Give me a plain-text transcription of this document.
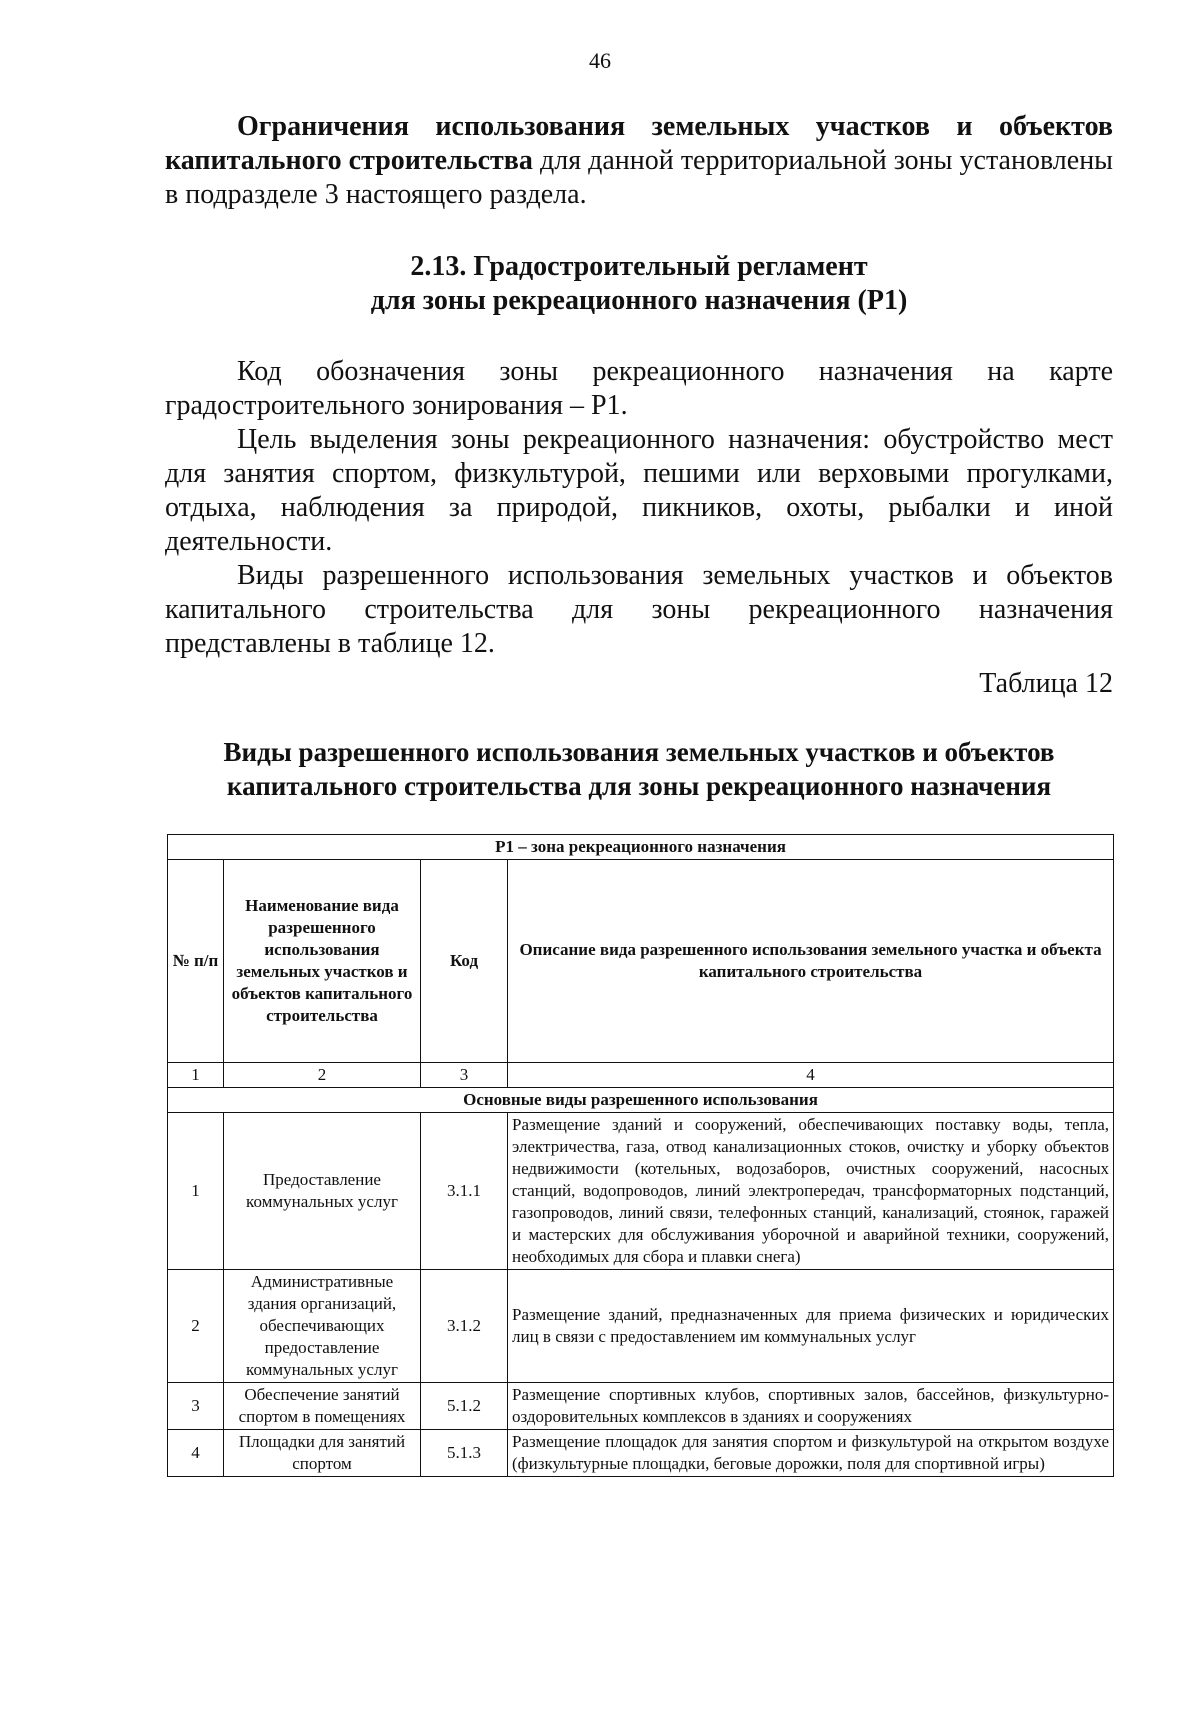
46

Ограничения использования земельных участков и объектов капитального строительства для данной территориальной зоны установлены в подразделе 3 настоящего раздела.

2.13. Градостроительный регламент

для зоны рекреационного назначения (Р1)

Код обозначения зоны рекреационного назначения на карте градостроительного зонирования – Р1.

Цель выделения зоны рекреационного назначения: обустройство мест для занятия спортом, физкультурой, пешими или верховыми прогулками, отдыха, наблюдения за природой, пикников, охоты, рыбалки и иной деятельности.

Виды разрешенного использования земельных участков и объектов капитального строительства для зоны рекреационного назначения представлены в таблице 12.

Таблица 12

Виды разрешенного использования земельных участков и объектов

капитального строительства для зоны рекреационного назначения

Р1 – зона рекреационного назначения			
№ п/п	Наименование вида разрешенного использования земельных участков и объектов капитального строительства	Код	Описание вида разрешенного использования земельного участка и объекта капитального строительства
1	2	3	4
Основные виды разрешенного использования			
1	Предоставление коммунальных услуг	3.1.1	Размещение зданий и сооружений, обеспечивающих поставку воды, тепла, электричества, газа, отвод канализационных стоков, очистку и уборку объектов недвижимости (котельных, водозаборов, очистных сооружений, насосных станций, водопроводов, линий электропередач, трансформаторных подстанций, газопроводов, линий связи, телефонных станций, канализаций, стоянок, гаражей и мастерских для обслуживания уборочной и аварийной техники, сооружений, необходимых для сбора и плавки снега)
2	Административные здания организаций, обеспечивающих предоставление коммунальных услуг	3.1.2	Размещение зданий, предназначенных для приема физических и юридических лиц в связи с предоставлением им коммунальных услуг
3	Обеспечение занятий спортом в помещениях	5.1.2	Размещение спортивных клубов, спортивных залов, бассейнов, физкультурно-оздоровительных комплексов в зданиях и сооружениях
4	Площадки для занятий спортом	5.1.3	Размещение площадок для занятия спортом и физкультурой на открытом воздухе (физкультурные площадки, беговые дорожки, поля для спортивной игры)
